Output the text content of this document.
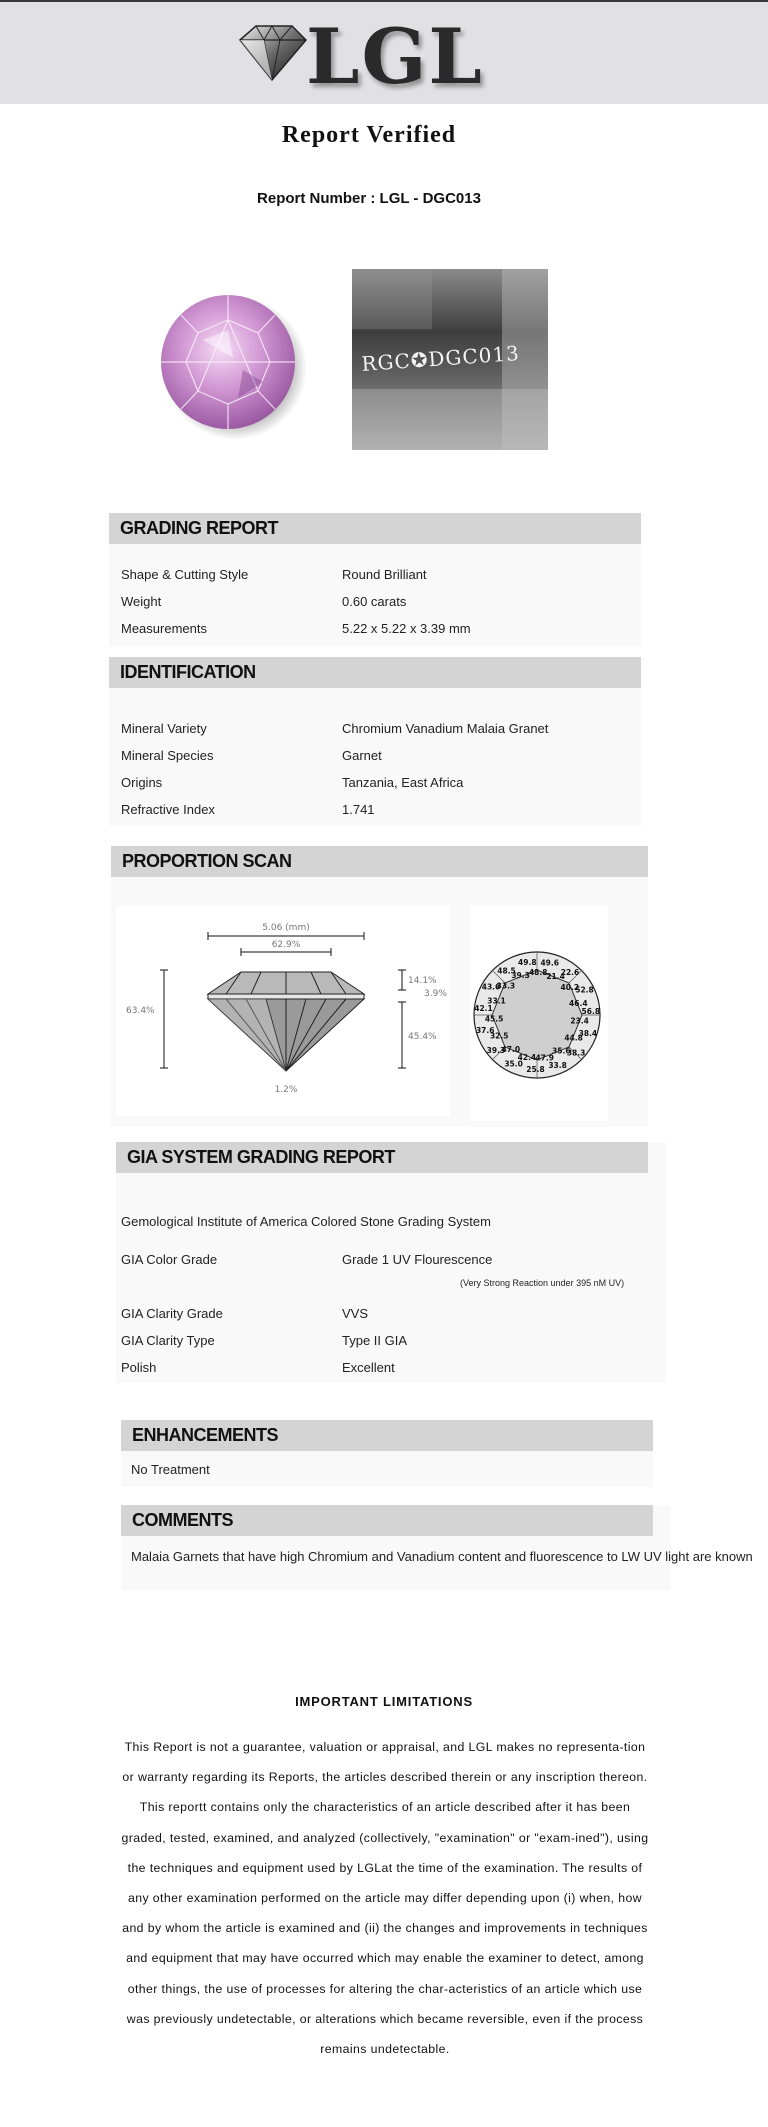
LGL
Report Verified
Report Number : LGL - DGC013
RGC✪DGC013
GRADING REPORT
Shape & Cutting Style	Round Brilliant
Weight	0.60 carats
Measurements	5.22 x 5.22 x 3.39 mm
IDENTIFICATION
Mineral Variety	Chromium Vanadium Malaia Granet
Mineral Species	Garnet
Origins	Tanzania, East Africa
Refractive Index	1.741
PROPORTION SCAN
5.06 (mm)
62.9%
63.4%
14.1%
3.9%
45.4%
1.2%
48.5
39.3
49.8
48.8
49.6
21.4
22.6
40.2
52.8
46.4
56.8
23.4
38.4
44.8
38.3
35.6
33.8
47.9
25.8
42.4
35.0
47.0
39.3
32.5
37.6
45.5
42.1
33.1
43.6
33.3
GIA SYSTEM GRADING REPORT
Gemological Institute of America Colored Stone Grading System
GIA Color Grade	Grade 1 UV Flourescence
(Very Strong Reaction under 395 nM UV)
GIA Clarity Grade	VVS
GIA Clarity Type	Type II GIA
Polish	Excellent
ENHANCEMENTS
No Treatment
COMMENTS
Malaia Garnets that have high Chromium and Vanadium content and fluorescence to LW UV light are known
IMPORTANT LIMITATIONS
This Report is not a guarantee, valuation or appraisal, and LGL makes no representa-tion or warranty regarding its Reports, the articles described therein or any inscription thereon. This reportt contains only the characteristics of an article described after it has been graded, tested, examined, and analyzed (collectively, "examination" or "exam-ined"), using the techniques and equipment used by LGLat the time of the examination. The results of any other examination performed on the article may differ depending upon (i) when, how and by whom the article is examined and (ii) the changes and improvements in techniques and equipment that may have occurred which may enable the examiner to detect, among other things, the use of processes for altering the char-acteristics of an article which use was previously undetectable, or alterations which became reversible, even if the process remains undetectable.
